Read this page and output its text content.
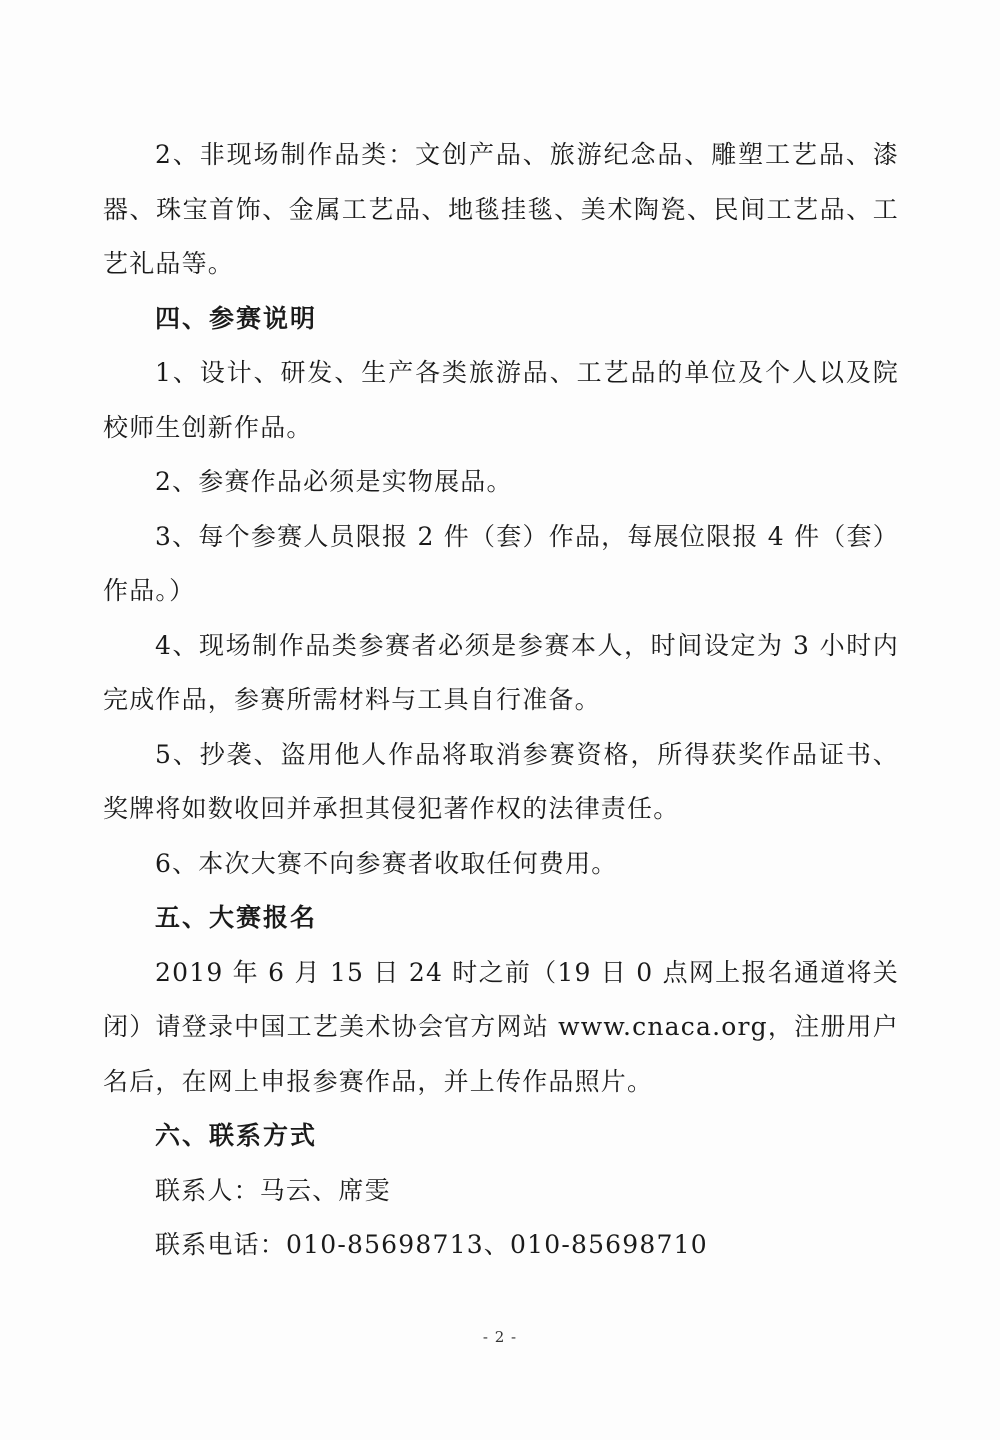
2、非现场制作品类：文创产品、旅游纪念品、雕塑工艺品、漆器、珠宝首饰、金属工艺品、地毯挂毯、美术陶瓷、民间工艺品、工艺礼品等。

四、参赛说明

1、设计、研发、生产各类旅游品、工艺品的单位及个人以及院校师生创新作品。

2、参赛作品必须是实物展品。

3、每个参赛人员限报 2 件（套）作品，每展位限报 4 件（套）作品。）

4、现场制作品类参赛者必须是参赛本人，时间设定为 3 小时内完成作品，参赛所需材料与工具自行准备。

5、抄袭、盗用他人作品将取消参赛资格，所得获奖作品证书、奖牌将如数收回并承担其侵犯著作权的法律责任。

6、本次大赛不向参赛者收取任何费用。

五、大赛报名

2019 年 6 月 15 日 24 时之前（19 日 0 点网上报名通道将关闭）请登录中国工艺美术协会官方网站 www.cnaca.org，注册用户名后，在网上申报参赛作品，并上传作品照片。

六、联系方式

联系人：马云、席雯

联系电话：010-85698713、010-85698710

- 2 -
